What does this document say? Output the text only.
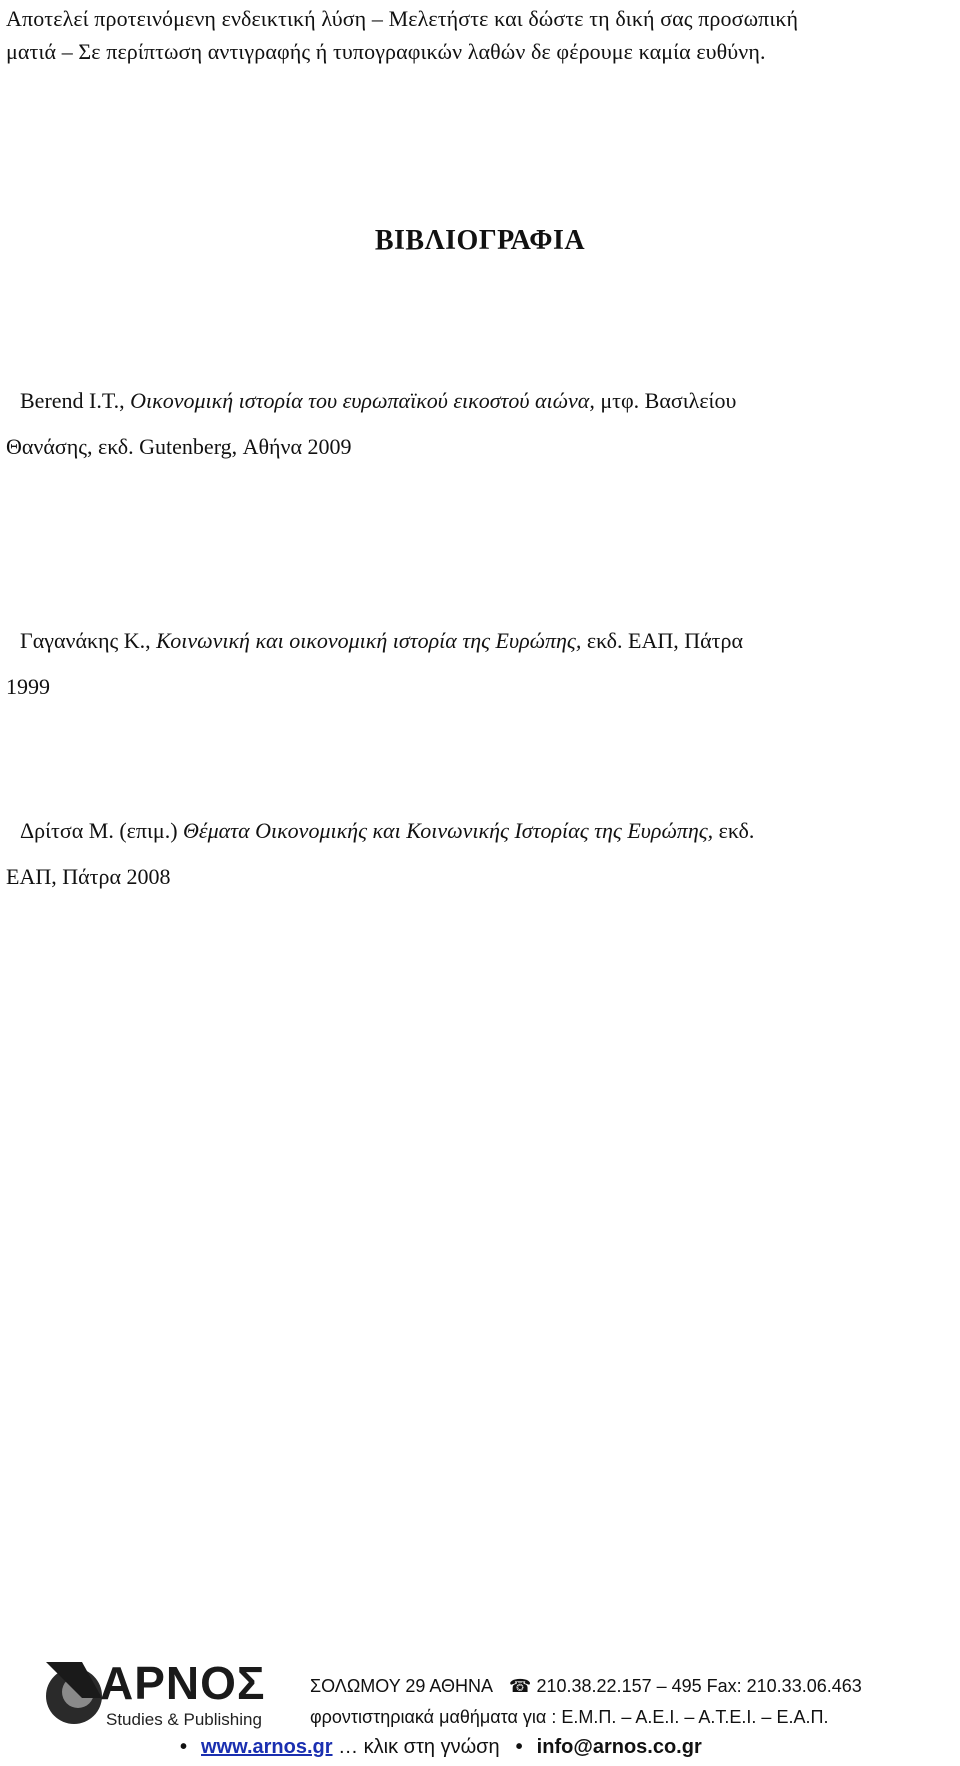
Αποτελεί προτεινόμενη ενδεικτική λύση – Μελετήστε και δώστε τη δική σας προσωπική
ματιά – Σε περίπτωση αντιγραφής ή τυπογραφικών λαθών δε φέρουμε καμία ευθύνη.
ΒΙΒΛΙΟΓΡΑΦΙΑ
Berend I.T., Οικονομική ιστορία του ευρωπαϊκού εικοστού αιώνα, μτφ. Βασιλείου
Θανάσης, εκδ. Gutenberg, Αθήνα 2009
Γαγανάκης Κ., Κοινωνική και οικονομική ιστορία της Ευρώπης, εκδ. ΕΑΠ, Πάτρα
1999
Δρίτσα Μ. (επιμ.) Θέματα Οικονομικής και Κοινωνικής Ιστορίας της Ευρώπης, εκδ.
ΕΑΠ, Πάτρα 2008
ΑΡΝΟΣ
Studies & Publishing
ΣΟΛΩΜΟΥ 29 ΑΘΗΝΑ ☎ 210.38.22.157 – 495 Fax: 210.33.06.463
φροντιστηριακά μαθήματα για : Ε.Μ.Π. – Α.Ε.Ι. – Α.Τ.Ε.Ι. – Ε.Α.Π.
• www.arnos.gr … κλικ στη γνώση • info@arnos.co.gr
